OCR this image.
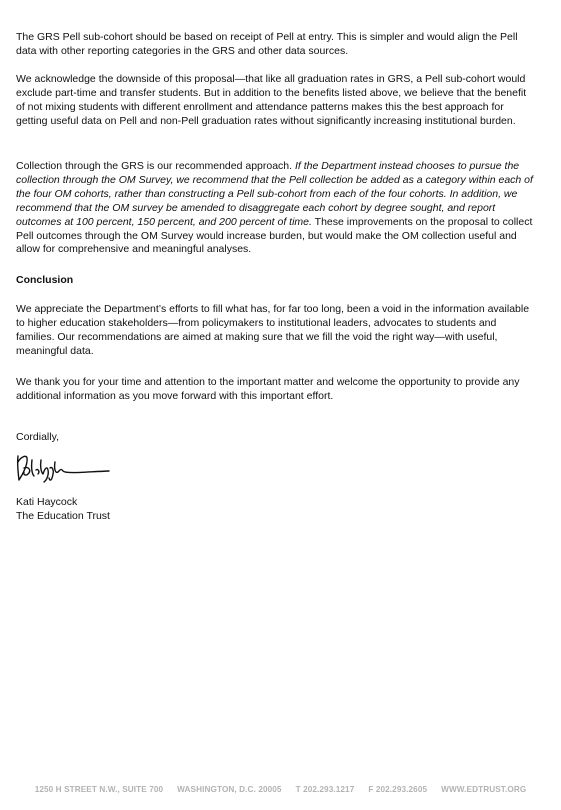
The GRS Pell sub-cohort should be based on receipt of Pell at entry. This is simpler and would align the Pell data with other reporting categories in the GRS and other data sources.

We acknowledge the downside of this proposal—that like all graduation rates in GRS, a Pell sub-cohort would exclude part-time and transfer students. But in addition to the benefits listed above, we believe that the benefit of not mixing students with different enrollment and attendance patterns makes this the best approach for getting useful data on Pell and non-Pell graduation rates without significantly increasing institutional burden.

Collection through the GRS is our recommended approach. If the Department instead chooses to pursue the collection through the OM Survey, we recommend that the Pell collection be added as a category within each of the four OM cohorts, rather than constructing a Pell sub-cohort from each of the four cohorts. In addition, we recommend that the OM survey be amended to disaggregate each cohort by degree sought, and report outcomes at 100 percent, 150 percent, and 200 percent of time. These improvements on the proposal to collect Pell outcomes through the OM Survey would increase burden, but would make the OM collection useful and allow for comprehensive and meaningful analyses.

Conclusion

We appreciate the Department’s efforts to fill what has, for far too long, been a void in the information available to higher education stakeholders—from policymakers to institutional leaders, advocates to students and families. Our recommendations are aimed at making sure that we fill the void the right way—with useful, meaningful data.

We thank you for your time and attention to the important matter and welcome the opportunity to provide any additional information as you move forward with this important effort.

Cordially,

Kati Haycock
The Education Trust

1250 H STREET N.W., SUITE 700 WASHINGTON, D.C. 20005 T 202.293.1217 F 202.293.2605 WWW.EDTRUST.ORG
